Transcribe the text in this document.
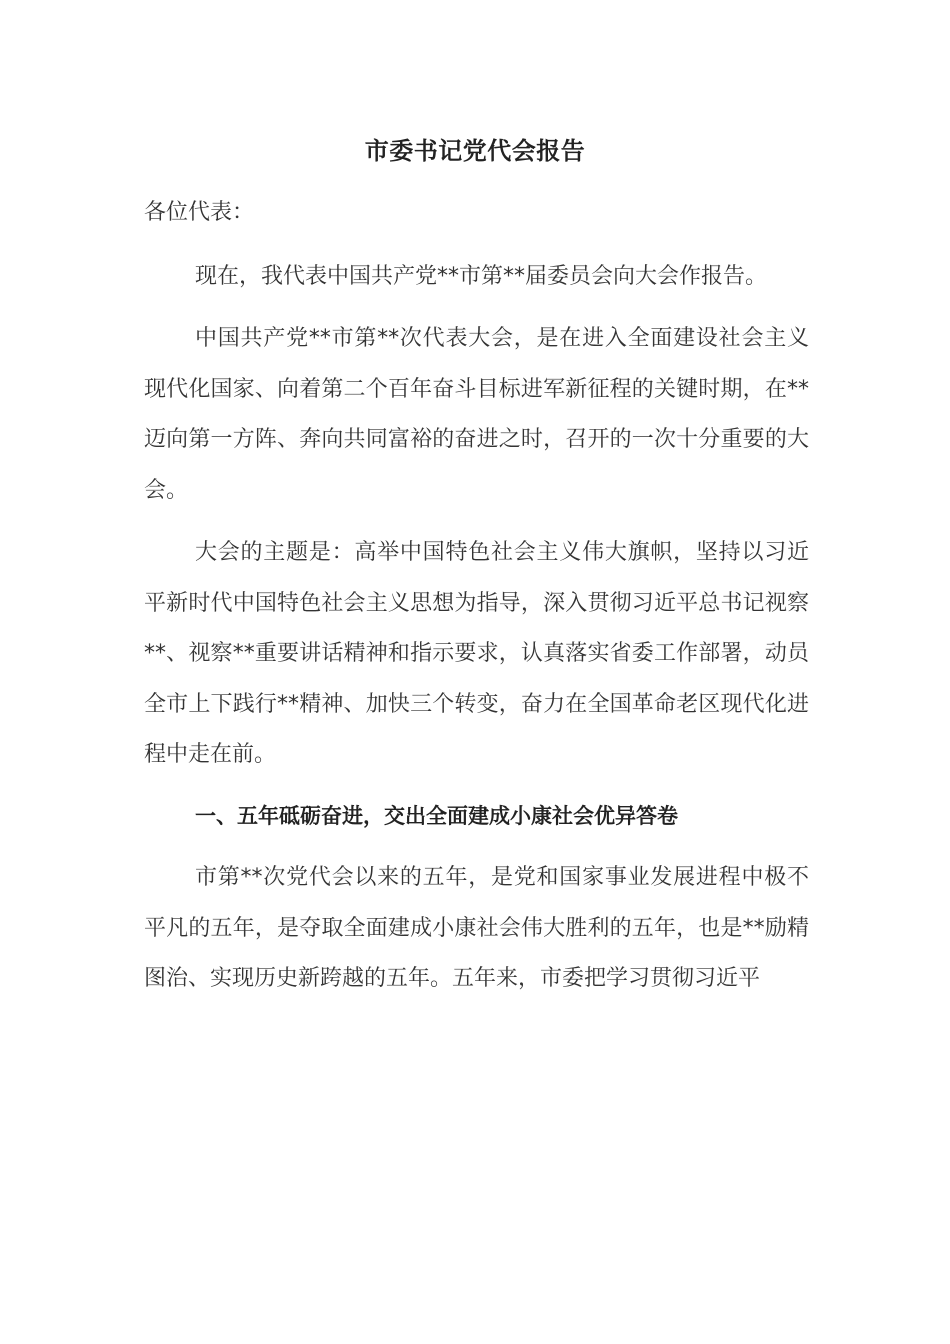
市委书记党代会报告
各位代表：
现在，我代表中国共产党**市第**届委员会向大会作报告。
中国共产党**市第**次代表大会，是在进入全面建设社会主义现代化国家、向着第二个百年奋斗目标进军新征程的关键时期，在**迈向第一方阵、奔向共同富裕的奋进之时，召开的一次十分重要的大会。
大会的主题是：高举中国特色社会主义伟大旗帜，坚持以习近平新时代中国特色社会主义思想为指导，深入贯彻习近平总书记视察**、视察**重要讲话精神和指示要求，认真落实省委工作部署，动员全市上下践行**精神、加快三个转变，奋力在全国革命老区现代化进程中走在前。
一、五年砥砺奋进，交出全面建成小康社会优异答卷
市第**次党代会以来的五年，是党和国家事业发展进程中极不平凡的五年，是夺取全面建成小康社会伟大胜利的五年，也是**励精图治、实现历史新跨越的五年。五年来，市委把学习贯彻习近平
